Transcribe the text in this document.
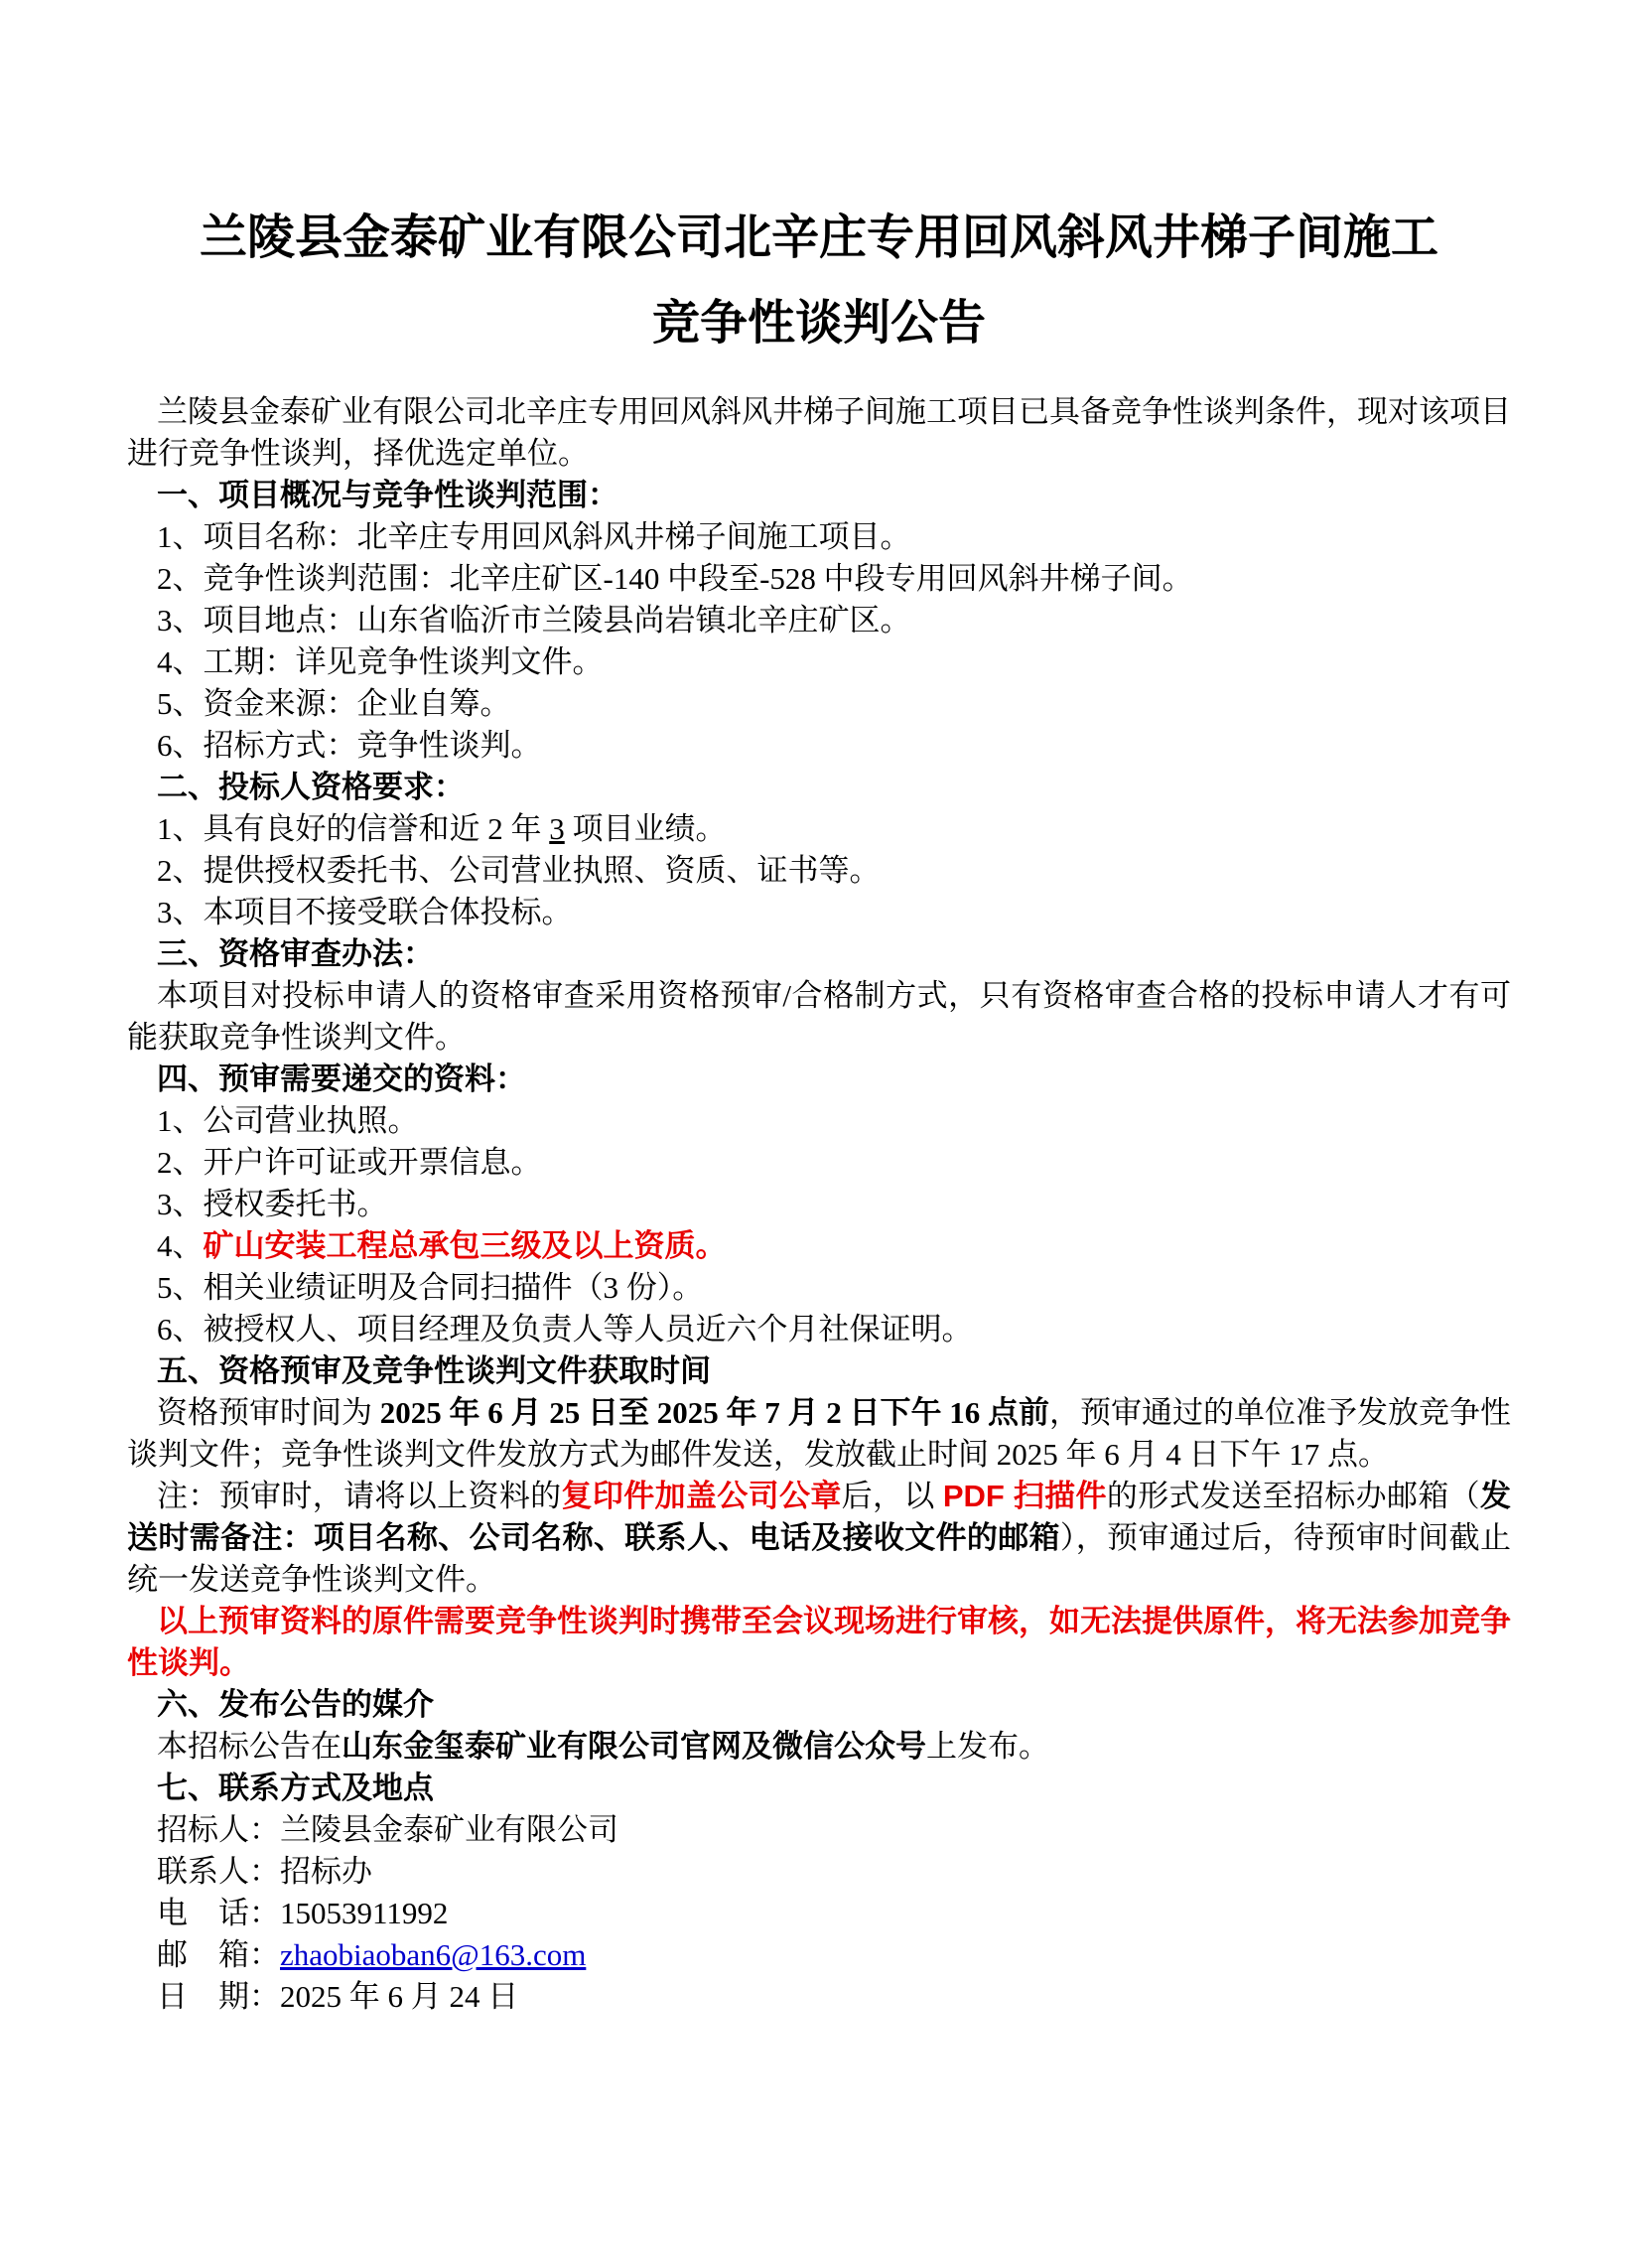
兰陵县金泰矿业有限公司北辛庄专用回风斜风井梯子间施工
竞争性谈判公告

兰陵县金泰矿业有限公司北辛庄专用回风斜风井梯子间施工项目已具备竞争性谈判条件，现对该项目进行竞争性谈判，择优选定单位。

一、项目概况与竞争性谈判范围：

1、项目名称：北辛庄专用回风斜风井梯子间施工项目。

2、竞争性谈判范围：北辛庄矿区-140 中段至-528 中段专用回风斜井梯子间。

3、项目地点：山东省临沂市兰陵县尚岩镇北辛庄矿区。

4、工期：详见竞争性谈判文件。

5、资金来源：企业自筹。

6、招标方式：竞争性谈判。

二、投标人资格要求：

1、具有良好的信誉和近 2 年 3 项目业绩。

2、提供授权委托书、公司营业执照、资质、证书等。

3、本项目不接受联合体投标。

三、资格审查办法：

本项目对投标申请人的资格审查采用资格预审/合格制方式，只有资格审查合格的投标申请人才有可能获取竞争性谈判文件。

四、预审需要递交的资料：

1、公司营业执照。

2、开户许可证或开票信息。

3、授权委托书。

4、矿山安装工程总承包三级及以上资质。

5、相关业绩证明及合同扫描件（3 份）。

6、被授权人、项目经理及负责人等人员近六个月社保证明。

五、资格预审及竞争性谈判文件获取时间

资格预审时间为 2025 年 6 月 25 日至 2025 年 7 月 2 日下午 16 点前，预审通过的单位准予发放竞争性谈判文件；竞争性谈判文件发放方式为邮件发送，发放截止时间 2025 年 6 月 4 日下午 17 点。

注：预审时，请将以上资料的复印件加盖公司公章后，以 PDF 扫描件的形式发送至招标办邮箱（发送时需备注：项目名称、公司名称、联系人、电话及接收文件的邮箱），预审通过后，待预审时间截止统一发送竞争性谈判文件。

以上预审资料的原件需要竞争性谈判时携带至会议现场进行审核，如无法提供原件，将无法参加竞争性谈判。

六、发布公告的媒介

本招标公告在山东金玺泰矿业有限公司官网及微信公众号上发布。

七、联系方式及地点

招标人：兰陵县金泰矿业有限公司

联系人：招标办

电　话：15053911992

邮　箱：zhaobiaoban6@163.com

日　期：2025 年 6 月 24 日
